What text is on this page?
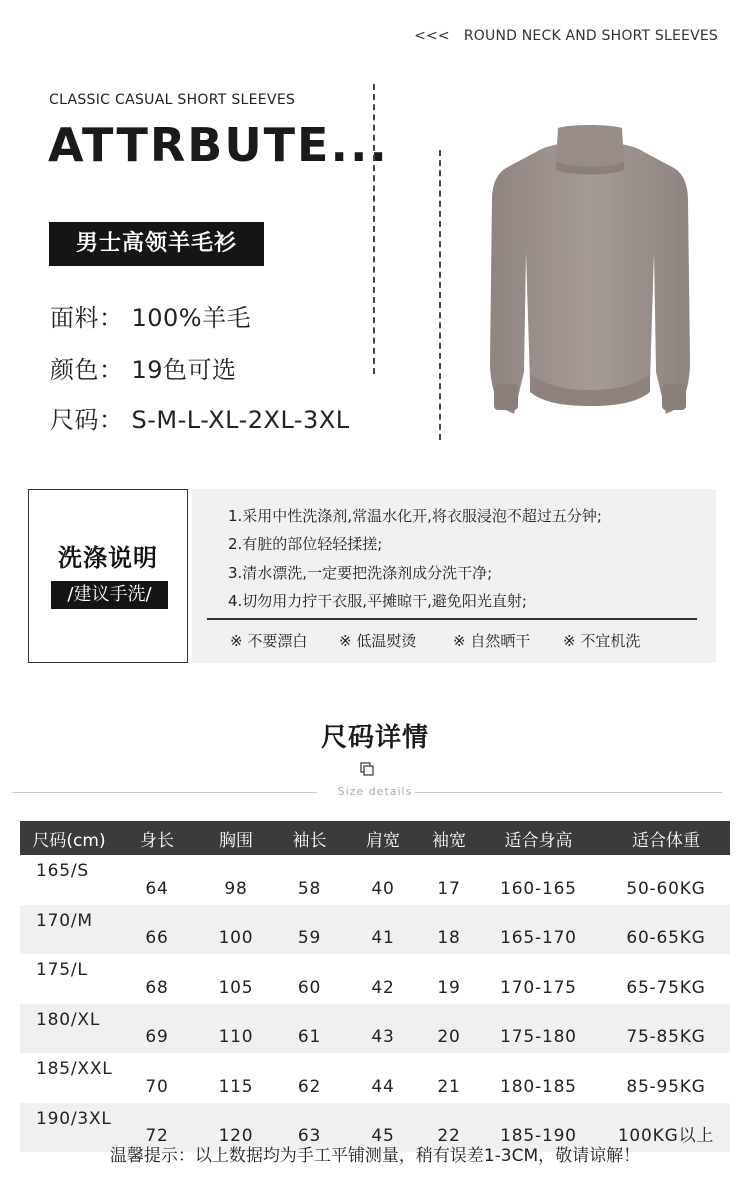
<<< ROUND NECK AND SHORT SLEEVES
CLASSIC CASUAL SHORT SLEEVES
ATTRBUTE...
男士高领羊毛衫
面料： 100%羊毛
颜色： 19色可选
尺码： S-M-L-XL-2XL-3XL
洗涤说明
/建议手洗/
1.采用中性洗涤剂,常温水化开,将衣服浸泡不超过五分钟;
2.有脏的部位轻轻揉搓;
3.清水漂洗,一定要把洗涤剂成分洗干净;
4.切勿用力拧干衣服,平摊晾干,避免阳光直射;
※ 不要漂白 ※ 低温熨烫 ※ 自然晒干 ※ 不宜机洗
尺码详情
Size details
尺码(cm)	身长	胸围	袖长	肩宽	袖宽	适合身高	适合体重
165/S	64	98	58	40	17	160-165	50-60KG
170/M	66	100	59	41	18	165-170	60-65KG
175/L	68	105	60	42	19	170-175	65-75KG
180/XL	69	110	61	43	20	175-180	75-85KG
185/XXL	70	115	62	44	21	180-185	85-95KG
190/3XL	72	120	63	45	22	185-190	100KG以上
温馨提示：以上数据均为手工平铺测量，稍有误差1-3CM，敬请谅解！
